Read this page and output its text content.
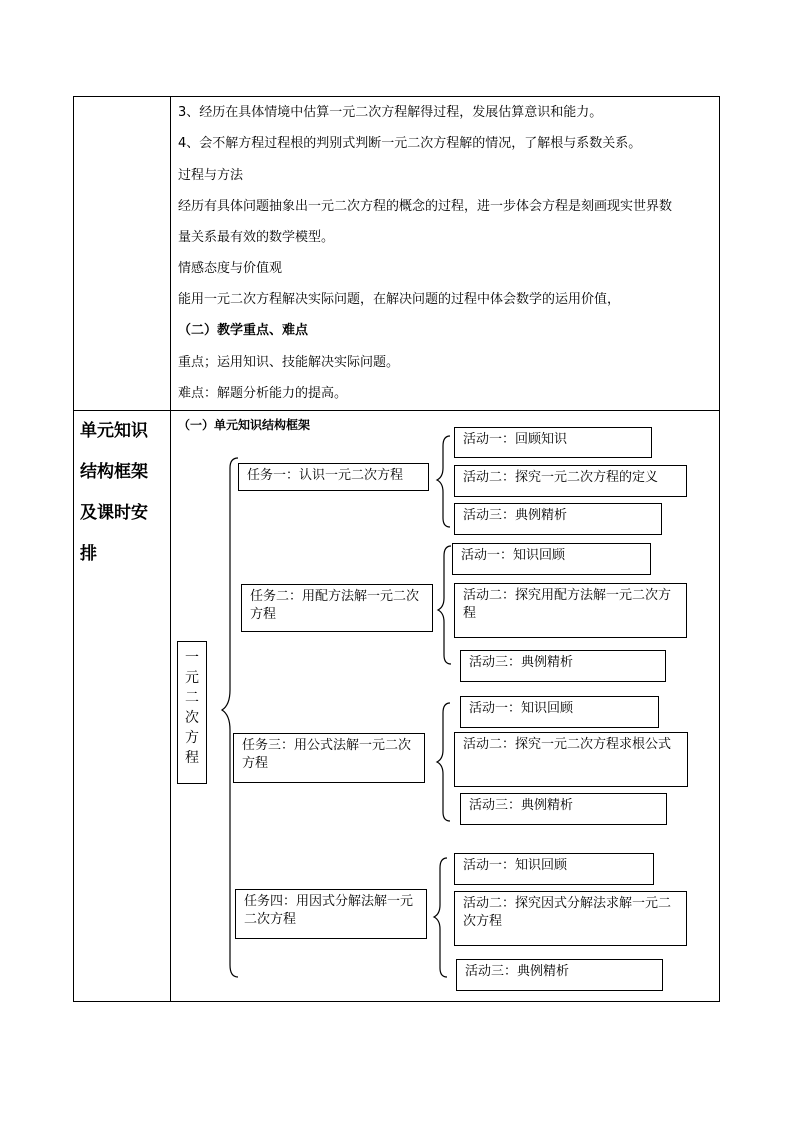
3、经历在具体情境中估算一元二次方程解得过程，发展估算意识和能力。
4、会不解方程过程根的判别式判断一元二次方程解的情况，了解根与系数关系。
过程与方法
经历有具体问题抽象出一元二次方程的概念的过程，进一步体会方程是刻画现实世界数
量关系最有效的数学模型。
情感态度与价值观
能用一元二次方程解决实际问题，在解决问题的过程中体会数学的运用价值，
（二）教学重点、难点
重点；运用知识、技能解决实际问题。
难点：解题分析能力的提高。
单元知识
结构框架
及课时安
排
（一）单元知识结构框架
一
元
二
次
方
程
任务一：认识一元二次方程
任务二：用配方法解一元二次方程
任务三：用公式法解一元二次方程
任务四：用因式分解法解一元二次方程
活动一：回顾知识
活动二：探究一元二次方程的定义
活动三：典例精析
活动一：知识回顾
活动二：探究用配方法解一元二次方程
活动三：典例精析
活动一：知识回顾
活动二：探究一元二次方程求根公式
活动三：典例精析
活动一：知识回顾
活动二：探究因式分解法求解一元二次方程
活动三：典例精析
